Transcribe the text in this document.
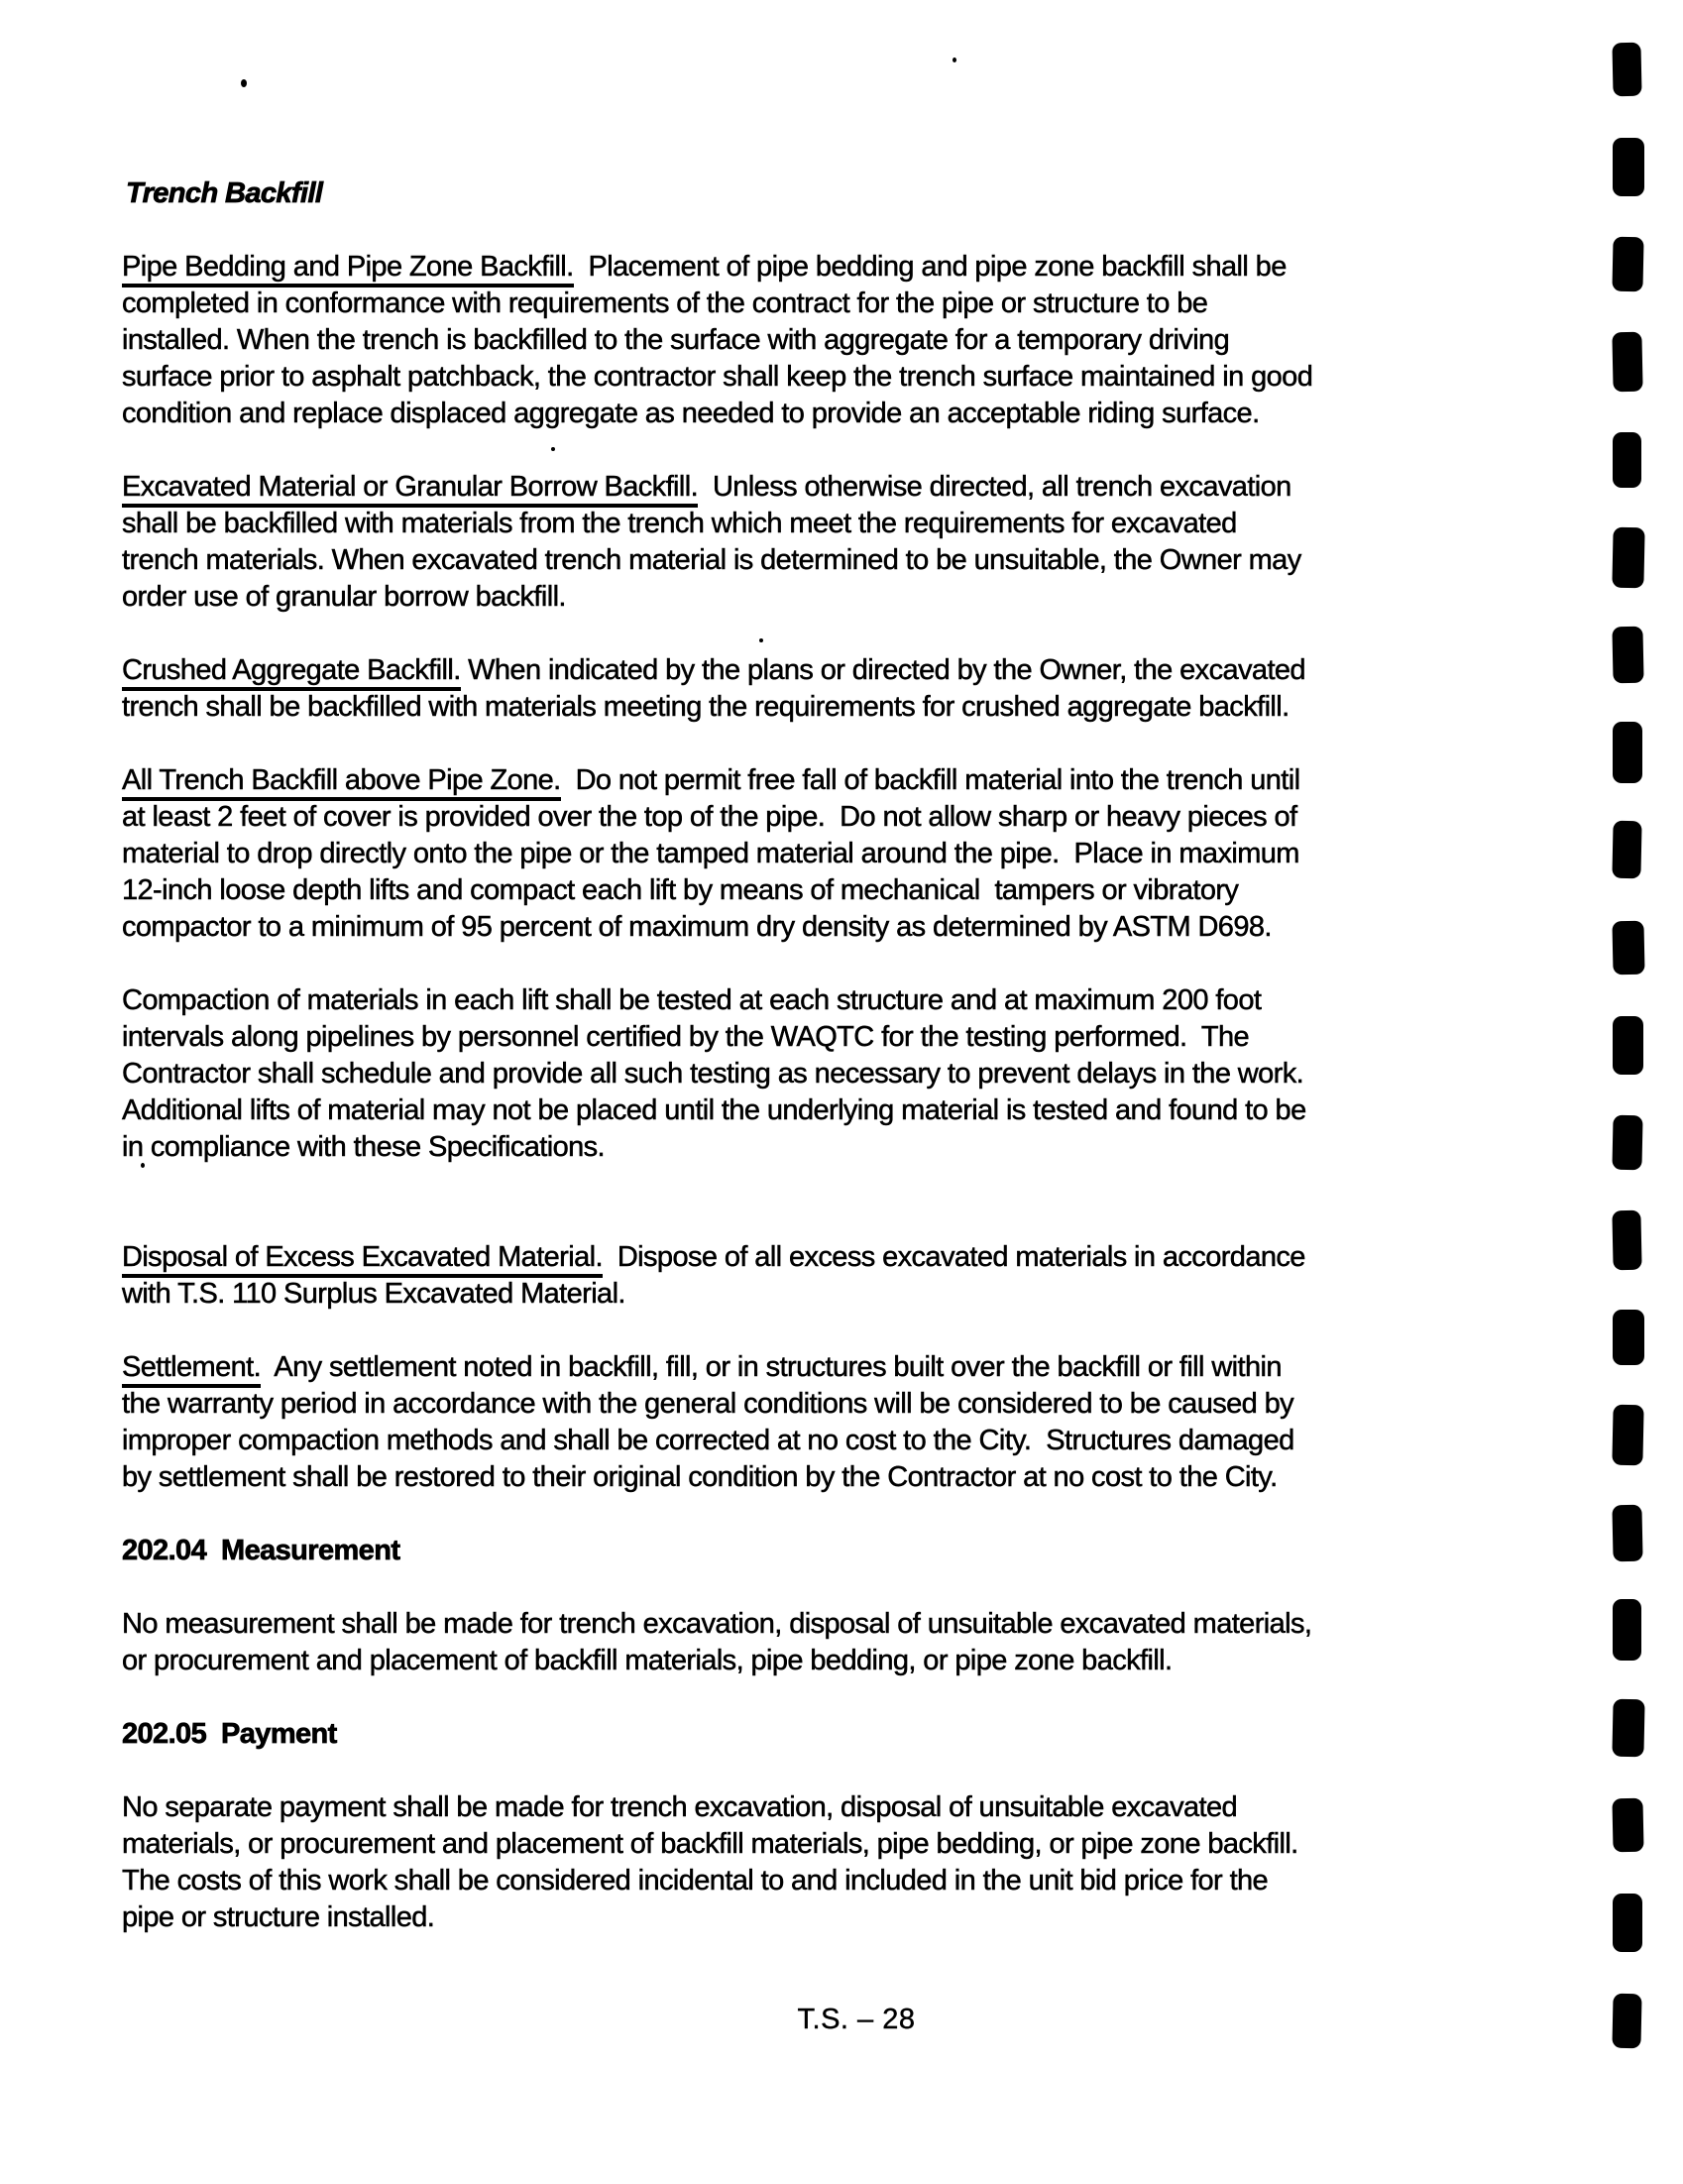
Trench Backfill
Pipe Bedding and Pipe Zone Backfill.  Placement of pipe bedding and pipe zone backfill shall be
completed in conformance with requirements of the contract for the pipe or structure to be
installed. When the trench is backfilled to the surface with aggregate for a temporary driving
surface prior to asphalt patchback, the contractor shall keep the trench surface maintained in good
condition and replace displaced aggregate as needed to provide an acceptable riding surface.
Excavated Material or Granular Borrow Backfill.  Unless otherwise directed, all trench excavation
shall be backfilled with materials from the trench which meet the requirements for excavated
trench materials. When excavated trench material is determined to be unsuitable, the Owner may
order use of granular borrow backfill.
Crushed Aggregate Backfill. When indicated by the plans or directed by the Owner, the excavated
trench shall be backfilled with materials meeting the requirements for crushed aggregate backfill.
All Trench Backfill above Pipe Zone.  Do not permit free fall of backfill material into the trench until
at least 2 feet of cover is provided over the top of the pipe.  Do not allow sharp or heavy pieces of
material to drop directly onto the pipe or the tamped material around the pipe.  Place in maximum
12-inch loose depth lifts and compact each lift by means of mechanical  tampers or vibratory
compactor to a minimum of 95 percent of maximum dry density as determined by ASTM D698.
Compaction of materials in each lift shall be tested at each structure and at maximum 200 foot
intervals along pipelines by personnel certified by the WAQTC for the testing performed.  The
Contractor shall schedule and provide all such testing as necessary to prevent delays in the work.
Additional lifts of material may not be placed until the underlying material is tested and found to be
in compliance with these Specifications.
Disposal of Excess Excavated Material.  Dispose of all excess excavated materials in accordance
with T.S. 110 Surplus Excavated Material.
Settlement.  Any settlement noted in backfill, fill, or in structures built over the backfill or fill within
the warranty period in accordance with the general conditions will be considered to be caused by
improper compaction methods and shall be corrected at no cost to the City.  Structures damaged
by settlement shall be restored to their original condition by the Contractor at no cost to the City.
202.04  Measurement
No measurement shall be made for trench excavation, disposal of unsuitable excavated materials,
or procurement and placement of backfill materials, pipe bedding, or pipe zone backfill.
202.05  Payment
No separate payment shall be made for trench excavation, disposal of unsuitable excavated
materials, or procurement and placement of backfill materials, pipe bedding, or pipe zone backfill.
The costs of this work shall be considered incidental to and included in the unit bid price for the
pipe or structure installed.
T.S. – 28
